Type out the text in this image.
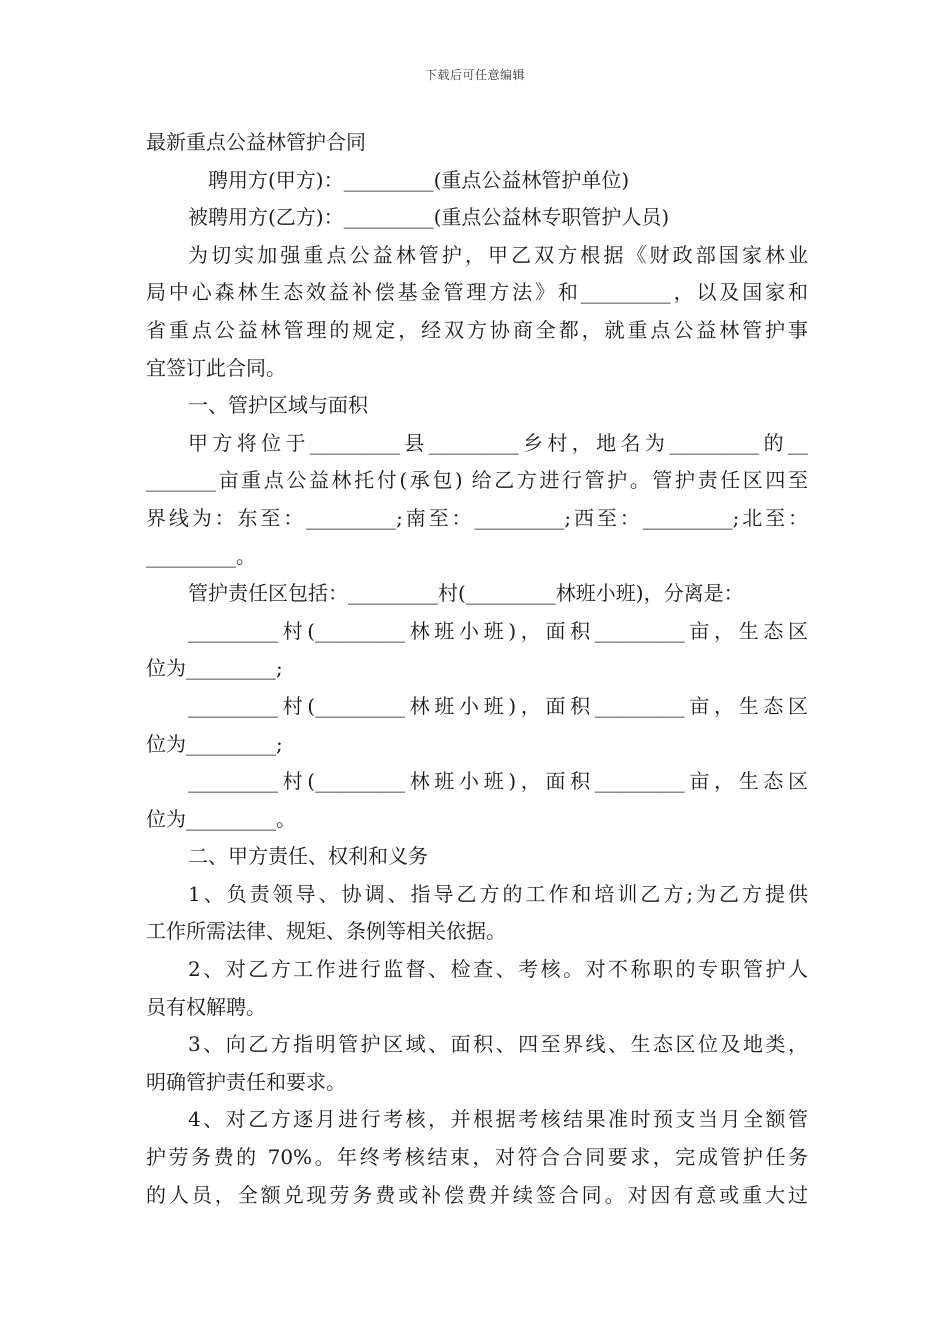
下载后可任意编辑
最新重点公益林管护合同
聘用方(甲方)：_________(重点公益林管护单位)
被聘用方(乙方)：_________(重点公益林专职管护人员)
为切实加强重点公益林管护，甲乙双方根据《财政部国家林业
局中心森林生态效益补偿基金管理方法》和_________，以及国家和
省重点公益林管理的规定，经双方协商全都，就重点公益林管护事
宜签订此合同。
一、管护区域与面积
甲方将位于_________县_________乡村，地名为_________的__
_______亩重点公益林托付(承包) 给乙方进行管护。管护责任区四至
界线为：东至：_________;南至：_________;西至：_________;北至：
_________。
管护责任区包括：_________村(_________林班小班)，分离是：
_________村(_________林班小班)，面积_________亩，生态区
位为_________;
_________村(_________林班小班)，面积_________亩，生态区
位为_________;
_________村(_________林班小班)，面积_________亩，生态区
位为_________。
二、甲方责任、权利和义务
1、负责领导、协调、指导乙方的工作和培训乙方;为乙方提供
工作所需法律、规矩、条例等相关依据。
2、对乙方工作进行监督、检查、考核。对不称职的专职管护人
员有权解聘。
3、向乙方指明管护区域、面积、四至界线、生态区位及地类，
明确管护责任和要求。
4、对乙方逐月进行考核，并根据考核结果准时预支当月全额管
护劳务费的 70%。年终考核结束，对符合合同要求，完成管护任务
的人员，全额兑现劳务费或补偿费并续签合同。对因有意或重大过
